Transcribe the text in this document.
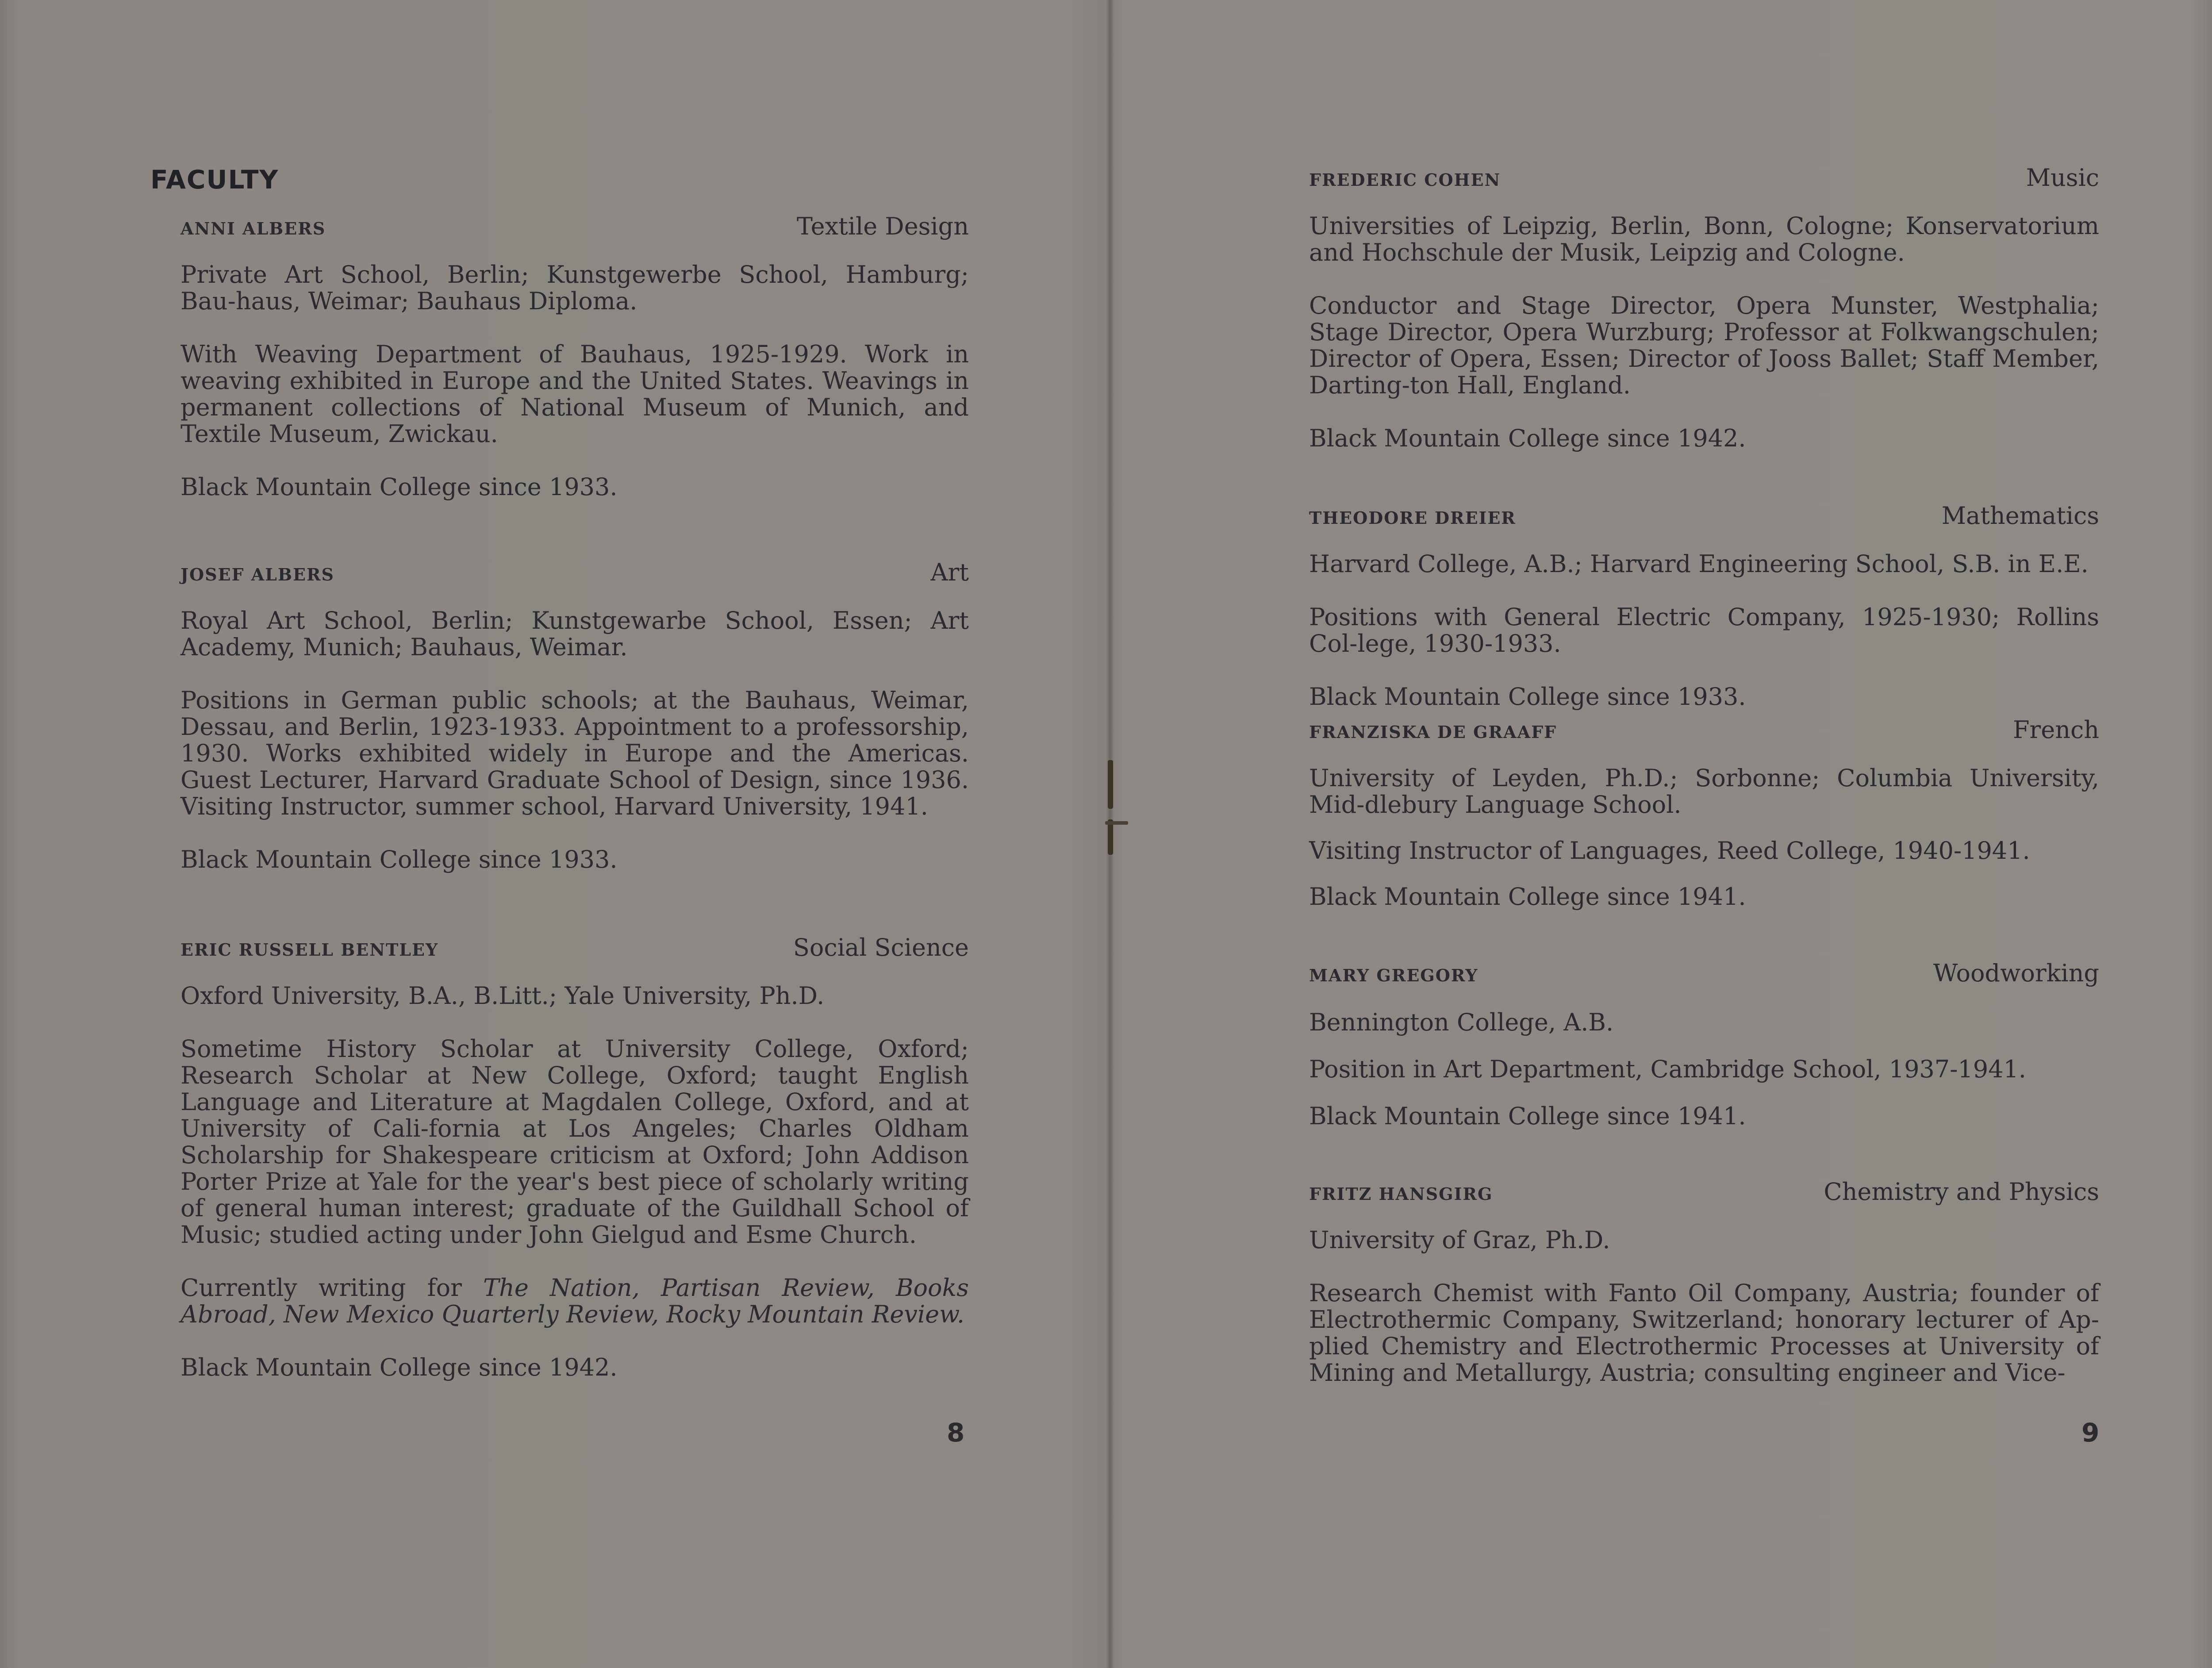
FACULTY
ANNI ALBERS	Textile Design

Private Art School, Berlin; Kunstgewerbe School, Hamburg; Bau-haus, Weimar; Bauhaus Diploma.

With Weaving Department of Bauhaus, 1925-1929. Work in weaving exhibited in Europe and the United States. Weavings in permanent collections of National Museum of Munich, and Textile Museum, Zwickau.

Black Mountain College since 1933.

JOSEF ALBERS	Art

Royal Art School, Berlin; Kunstgewarbe School, Essen; Art Academy, Munich; Bauhaus, Weimar.

Positions in German public schools; at the Bauhaus, Weimar, Dessau, and Berlin, 1923-1933. Appointment to a professorship, 1930. Works exhibited widely in Europe and the Americas. Guest Lecturer, Harvard Graduate School of Design, since 1936. Visiting Instructor, summer school, Harvard University, 1941.

Black Mountain College since 1933.

ERIC RUSSELL BENTLEY	Social Science

Oxford University, B.A., B.Litt.; Yale University, Ph.D.

Sometime History Scholar at University College, Oxford; Research Scholar at New College, Oxford; taught English Language and Literature at Magdalen College, Oxford, and at University of Cali-fornia at Los Angeles; Charles Oldham Scholarship for Shakespeare criticism at Oxford; John Addison Porter Prize at Yale for the year's best piece of scholarly writing of general human interest; graduate of the Guildhall School of Music; studied acting under John Gielgud and Esme Church.

Currently writing for The Nation, Partisan Review, Books Abroad, New Mexico Quarterly Review, Rocky Mountain Review.

Black Mountain College since 1942.

8
FREDERIC COHEN	Music

Universities of Leipzig, Berlin, Bonn, Cologne; Konservatorium and Hochschule der Musik, Leipzig and Cologne.

Conductor and Stage Director, Opera Munster, Westphalia; Stage Director, Opera Wurzburg; Professor at Folkwangschulen; Director of Opera, Essen; Director of Jooss Ballet; Staff Member, Darting-ton Hall, England.

Black Mountain College since 1942.

THEODORE DREIER	Mathematics

Harvard College, A.B.; Harvard Engineering School, S.B. in E.E.

Positions with General Electric Company, 1925-1930; Rollins Col-lege, 1930-1933.

Black Mountain College since 1933.

FRANZISKA DE GRAAFF	French

University of Leyden, Ph.D.; Sorbonne; Columbia University, Mid-dlebury Language School.

Visiting Instructor of Languages, Reed College, 1940-1941.

Black Mountain College since 1941.

MARY GREGORY	Woodworking

Bennington College, A.B.

Position in Art Department, Cambridge School, 1937-1941.

Black Mountain College since 1941.

FRITZ HANSGIRG	Chemistry and Physics

University of Graz, Ph.D.

Research Chemist with Fanto Oil Company, Austria; founder of Electrothermic Company, Switzerland; honorary lecturer of Ap-plied Chemistry and Electrothermic Processes at University of Mining and Metallurgy, Austria; consulting engineer and Vice-

9
